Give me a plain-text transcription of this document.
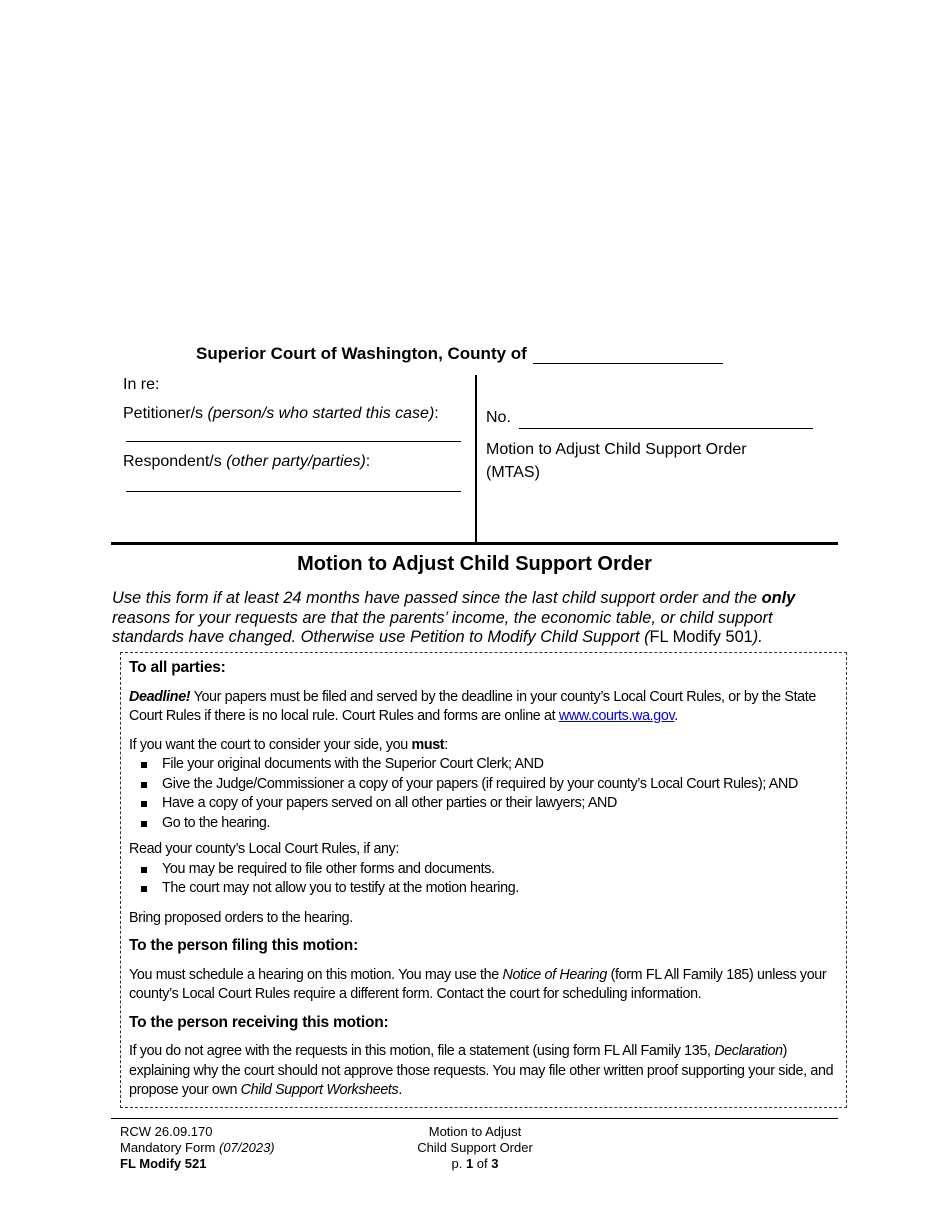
Superior Court of Washington, County of
In re:
Petitioner/s (person/s who started this case):
Respondent/s (other party/parties):
No.
Motion to Adjust Child Support Order
(MTAS)
Motion to Adjust Child Support Order
Use this form if at least 24 months have passed since the last child support order and the only reasons for your requests are that the parents’ income, the economic table, or child support standards have changed. Otherwise use Petition to Modify Child Support (FL Modify 501).

To all parties:

Deadline! Your papers must be filed and served by the deadline in your county’s Local Court Rules, or by the State Court Rules if there is no local rule. Court Rules and forms are online at www.courts.wa.gov.

If you want the court to consider your side, you must:

File your original documents with the Superior Court Clerk; AND
Give the Judge/Commissioner a copy of your papers (if required by your county’s Local Court Rules); AND
Have a copy of your papers served on all other parties or their lawyers; AND
Go to the hearing.

Read your county’s Local Court Rules, if any:

You may be required to file other forms and documents.
The court may not allow you to testify at the motion hearing.

Bring proposed orders to the hearing.

To the person filing this motion:

You must schedule a hearing on this motion. You may use the Notice of Hearing (form FL All Family 185) unless your county’s Local Court Rules require a different form. Contact the court for scheduling information.

To the person receiving this motion:

If you do not agree with the requests in this motion, file a statement (using form FL All Family 135, Declaration) explaining why the court should not approve those requests. You may file other written proof supporting your side, and propose your own Child Support Worksheets.

RCW 26.09.170
Mandatory Form (07/2023)
FL Modify 521
Motion to Adjust
Child Support Order
p. 1 of 3
